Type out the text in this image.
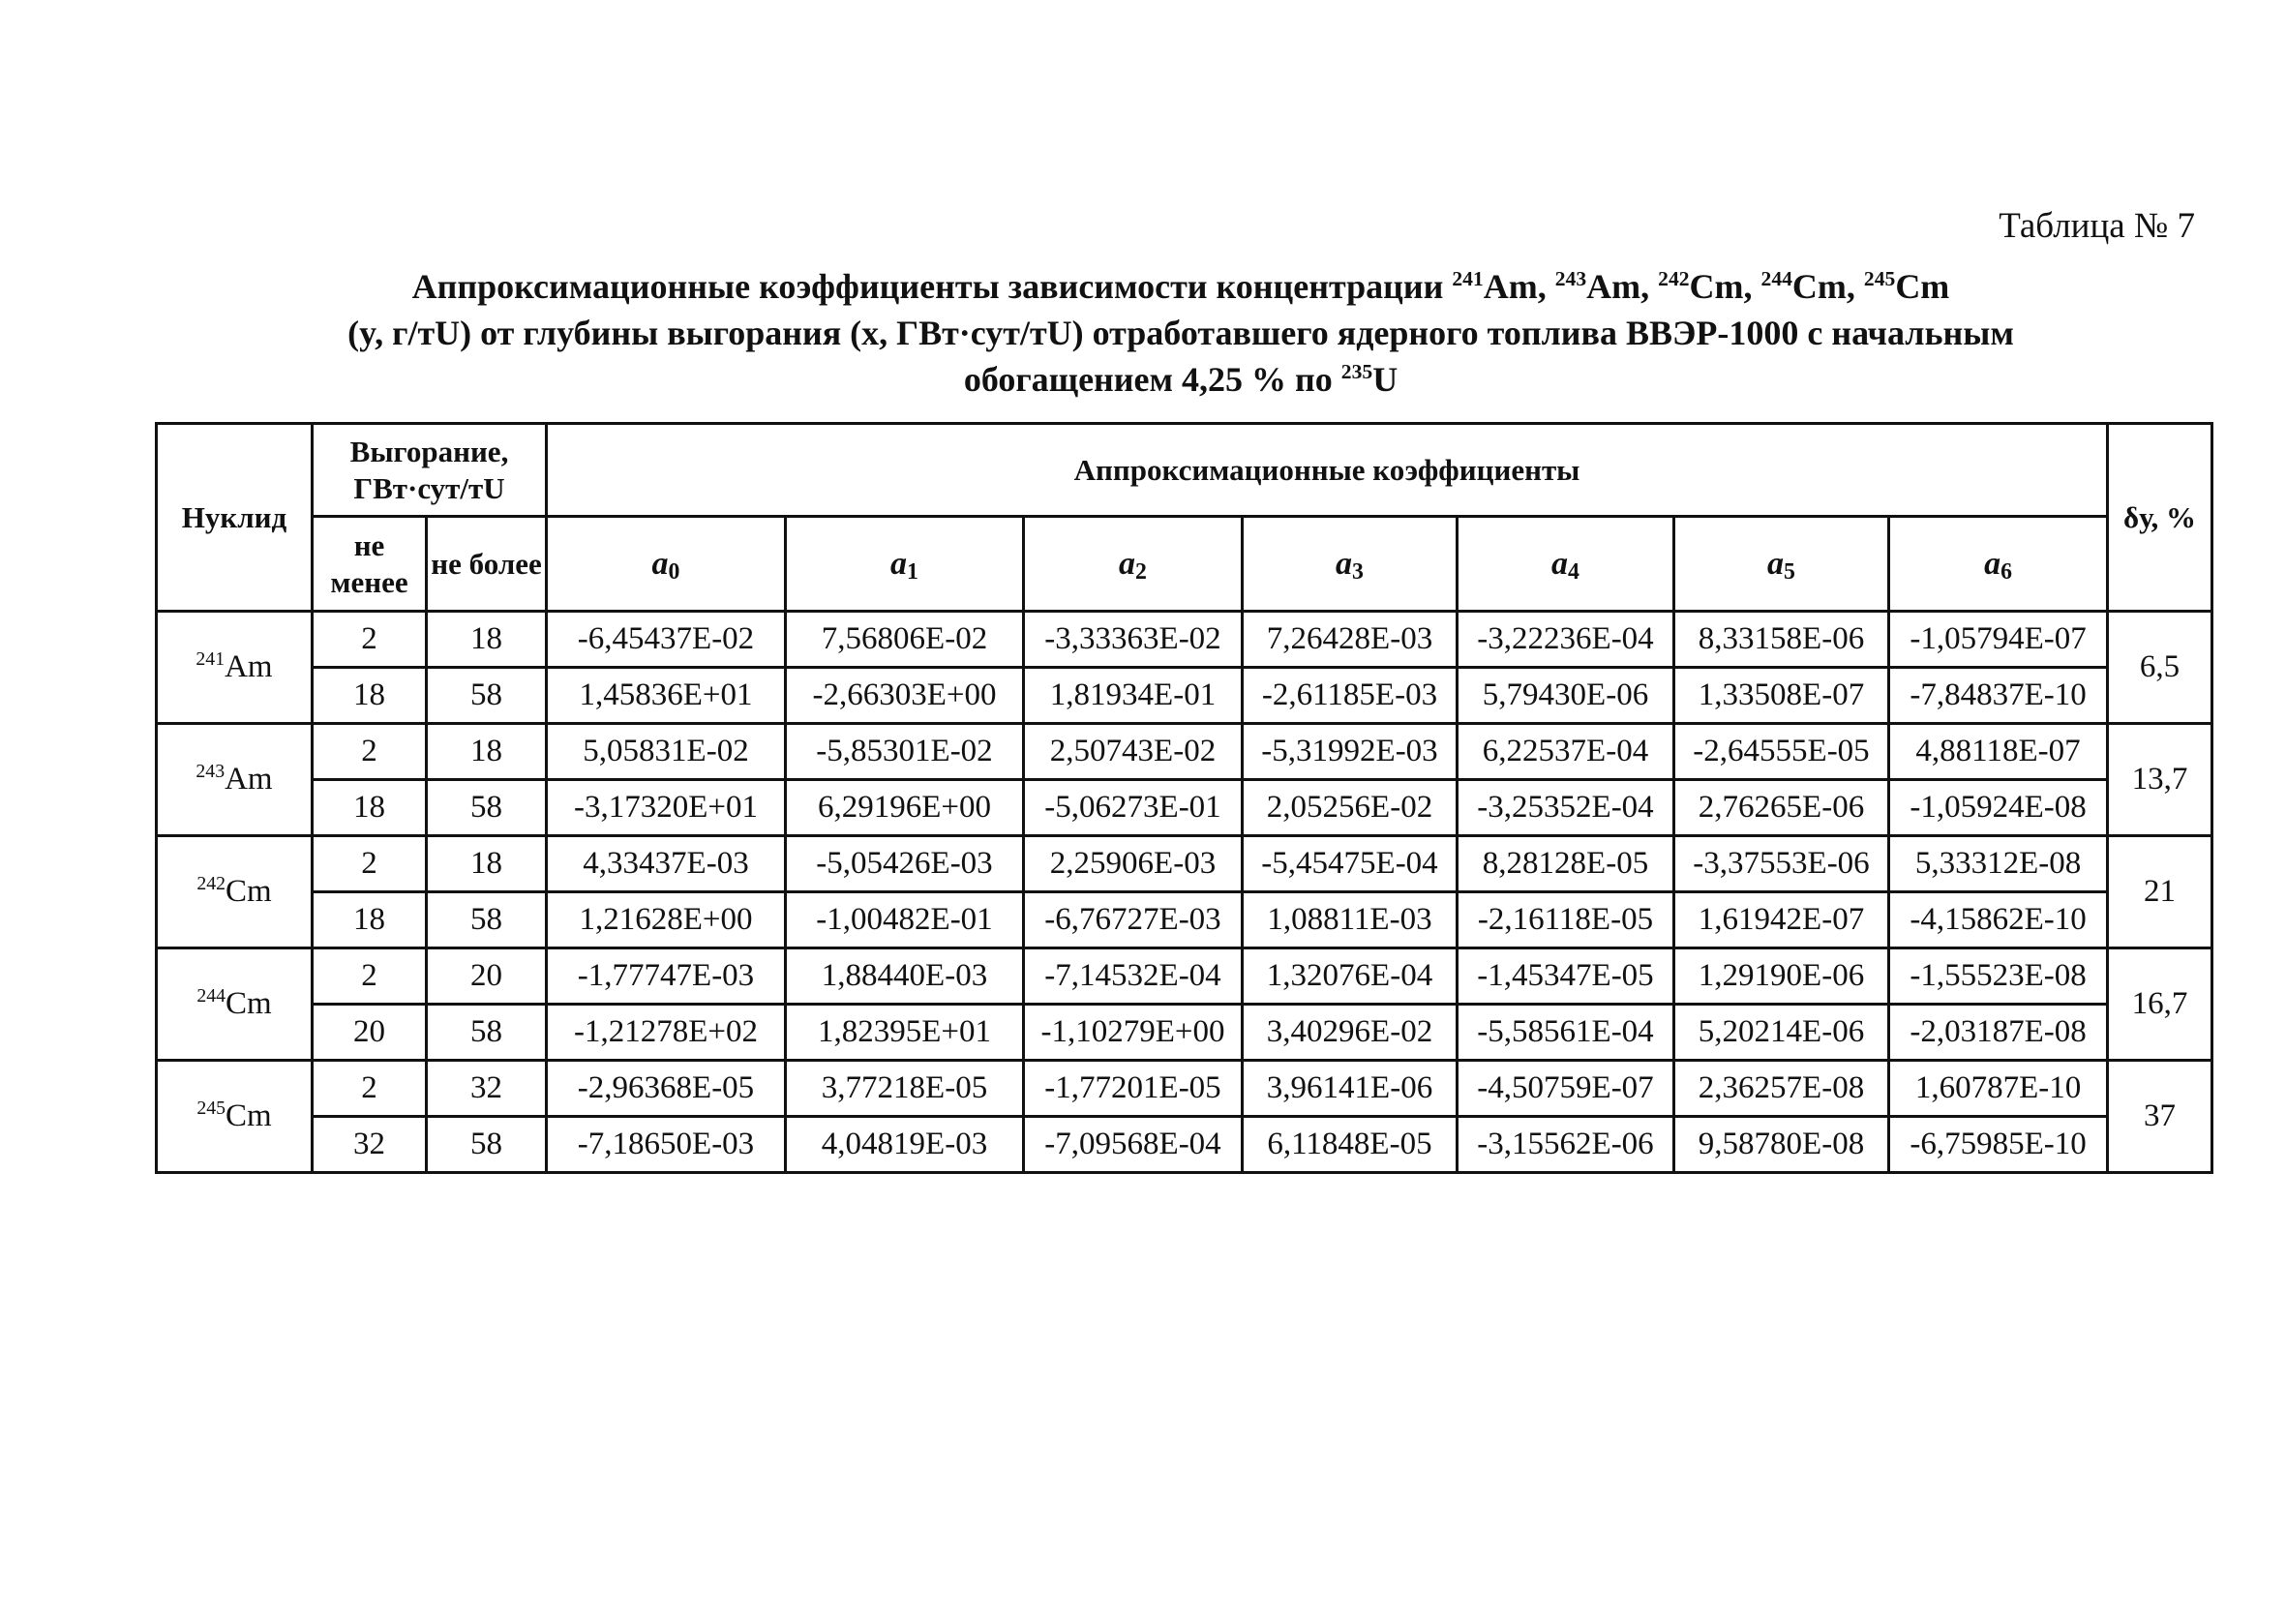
Таблица № 7
Аппроксимационные коэффициенты зависимости концентрации $^{241}$Am, $^{243}$Am, $^{242}$Cm, $^{244}$Cm, $^{245}$Cm
(y, г/тU) от глубины выгорания (x, ГВт·сут/тU) отработавшего ядерного топлива ВВЭР-1000 с начальным
обогащением 4,25 % по $^{235}$U
Нуклид	Выгорание, ГВт·сут/тU		Аппроксимационные коэффициенты							δу, %
	не менее	не более	$a_0$	$a_1$	$a_2$	$a_3$	$a_4$	$a_5$	$a_6$
$^{241}$Am	2	18	-6,45437E-02	7,56806E-02	-3,33363E-02	7,26428E-03	-3,22236E-04	8,33158E-06	-1,05794E-07	6,5
	18	58	1,45836E+01	-2,66303E+00	1,81934E-01	-2,61185E-03	5,79430E-06	1,33508E-07	-7,84837E-10	
$^{243}$Am	2	18	5,05831E-02	-5,85301E-02	2,50743E-02	-5,31992E-03	6,22537E-04	-2,64555E-05	4,88118E-07	13,7
	18	58	-3,17320E+01	6,29196E+00	-5,06273E-01	2,05256E-02	-3,25352E-04	2,76265E-06	-1,05924E-08	
$^{242}$Cm	2	18	4,33437E-03	-5,05426E-03	2,25906E-03	-5,45475E-04	8,28128E-05	-3,37553E-06	5,33312E-08	21
	18	58	1,21628E+00	-1,00482E-01	-6,76727E-03	1,08811E-03	-2,16118E-05	1,61942E-07	-4,15862E-10	
$^{244}$Cm	2	20	-1,77747E-03	1,88440E-03	-7,14532E-04	1,32076E-04	-1,45347E-05	1,29190E-06	-1,55523E-08	16,7
	20	58	-1,21278E+02	1,82395E+01	-1,10279E+00	3,40296E-02	-5,58561E-04	5,20214E-06	-2,03187E-08	
$^{245}$Cm	2	32	-2,96368E-05	3,77218E-05	-1,77201E-05	3,96141E-06	-4,50759E-07	2,36257E-08	1,60787E-10	37
	32	58	-7,18650E-03	4,04819E-03	-7,09568E-04	6,11848E-05	-3,15562E-06	9,58780E-08	-6,75985E-10	
